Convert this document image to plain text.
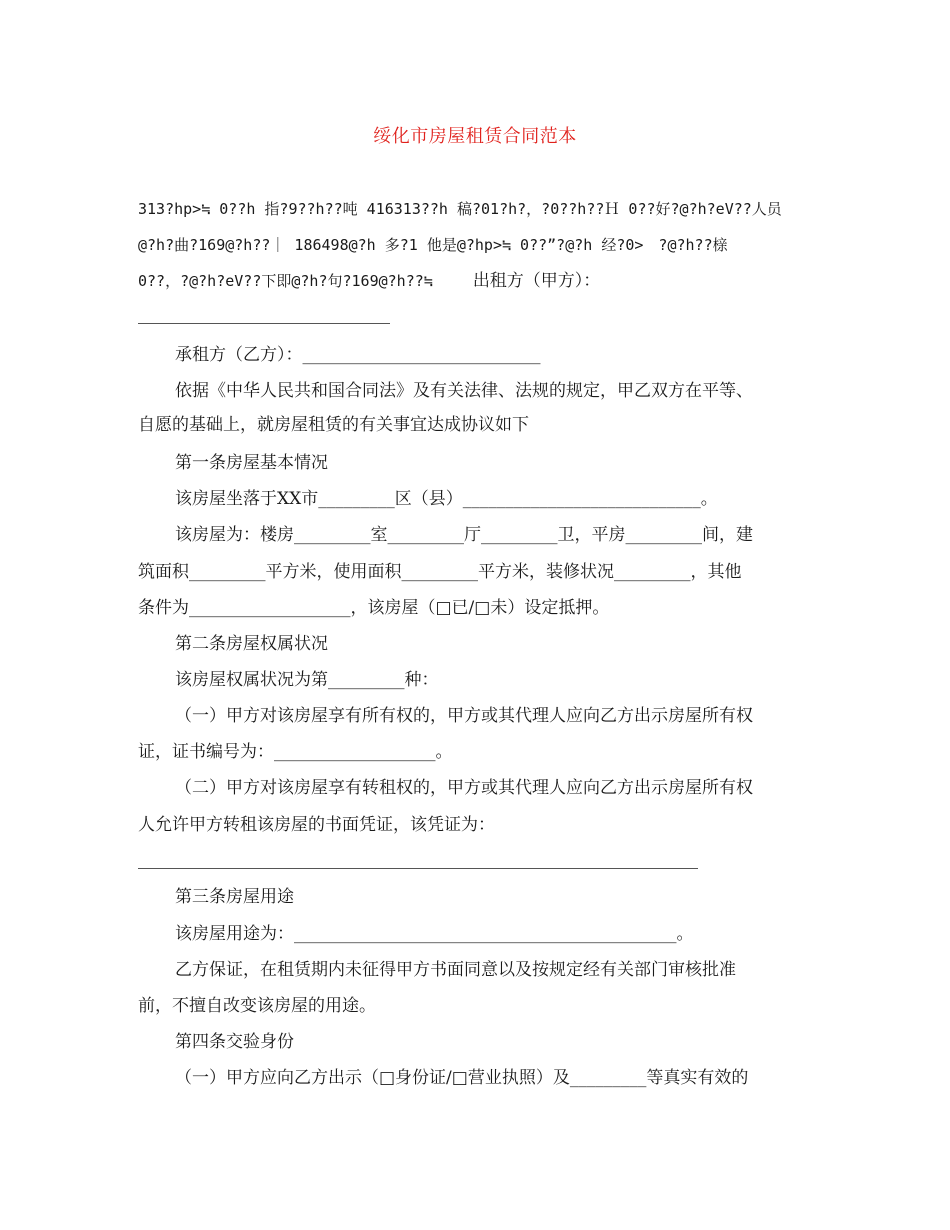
绥化市房屋租赁合同范本
313?hp>≒ 0??h 指?9??h??吨 416313??h 稿?01?h?，?0??h??Ｈ 0??好?@?h?eV??人员
@?h?曲?169@?h??｜ 186498@?h 多?1 他是@?hp>≒ 0??”?@?h 经?0>　?@?h??榇
0??，?@?h?eV??下即@?h?句?169@?h??≒ 出租方（甲方）：
承租方（乙方）：____________________________
依据《中华人民共和国合同法》及有关法律、法规的规定，甲乙双方在平等、
自愿的基础上，就房屋租赁的有关事宜达成协议如下
第一条房屋基本情况
该房屋坐落于XX市_________区（县）____________________________。
该房屋为：楼房_________室_________厅_________卫，平房_________间，建
筑面积_________平方米，使用面积_________平方米，装修状况_________，其他
条件为___________________，该房屋（□已/□未）设定抵押。
第二条房屋权属状况
该房屋权属状况为第_________种：
（一）甲方对该房屋享有所有权的，甲方或其代理人应向乙方出示房屋所有权
证，证书编号为：___________________。
（二）甲方对该房屋享有转租权的，甲方或其代理人应向乙方出示房屋所有权
人允许甲方转租该房屋的书面凭证，该凭证为：
第三条房屋用途
该房屋用途为：_____________________________________________。
乙方保证，在租赁期内未征得甲方书面同意以及按规定经有关部门审核批准
前，不擅自改变该房屋的用途。
第四条交验身份
（一）甲方应向乙方出示（□身份证/□营业执照）及_________等真实有效的
